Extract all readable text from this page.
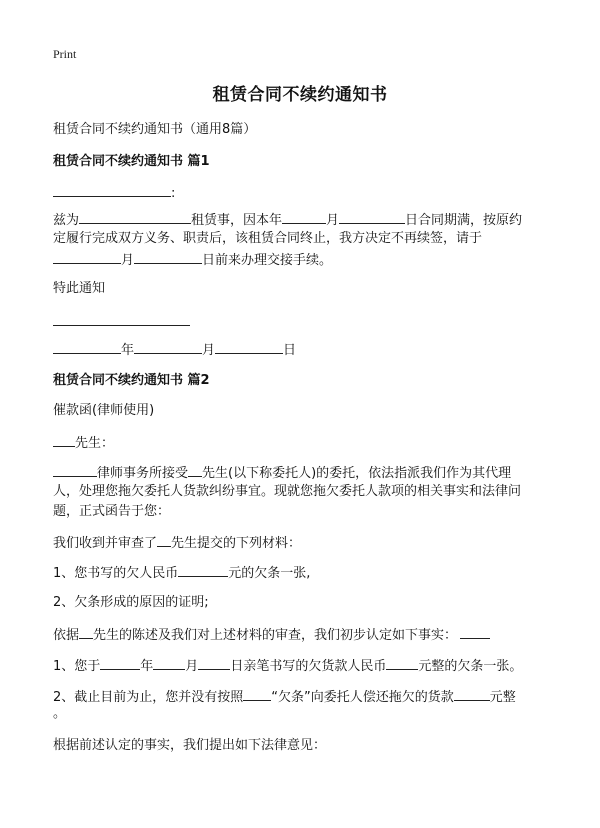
Print
租赁合同不续约通知书
租赁合同不续约通知书（通用8篇）
租赁合同不续约通知书 篇1
:
兹为	租赁事，因本年	月	日合同期满，按原约
定履行完成双方义务、职责后，该租赁合同终止，我方决定不再续签，请于
月	日前来办理交接手续。
特此通知
年	月	日
租赁合同不续约通知书 篇2
催款函(律师使用)
先生：
律师事务所接受 先生(以下称委托人)的委托，依法指派我们作为其代理
人，处理您拖欠委托人货款纠纷事宜。现就您拖欠委托人款项的相关事实和法律问
题，正式函告于您：
我们收到并审查了 先生提交的下列材料：
1、您书写的欠人民币	元的欠条一张,
2、欠条形成的原因的证明;
依据 先生的陈述及我们对上述材料的审查，我们初步认定如下事实：
1、您于	年 月 日亲笔书写的欠货款人民币 元整的欠条一张。
2、截止目前为止，您并没有按照 “欠条”向委托人偿还拖欠的货款	元整
。
根据前述认定的事实，我们提出如下法律意见：
